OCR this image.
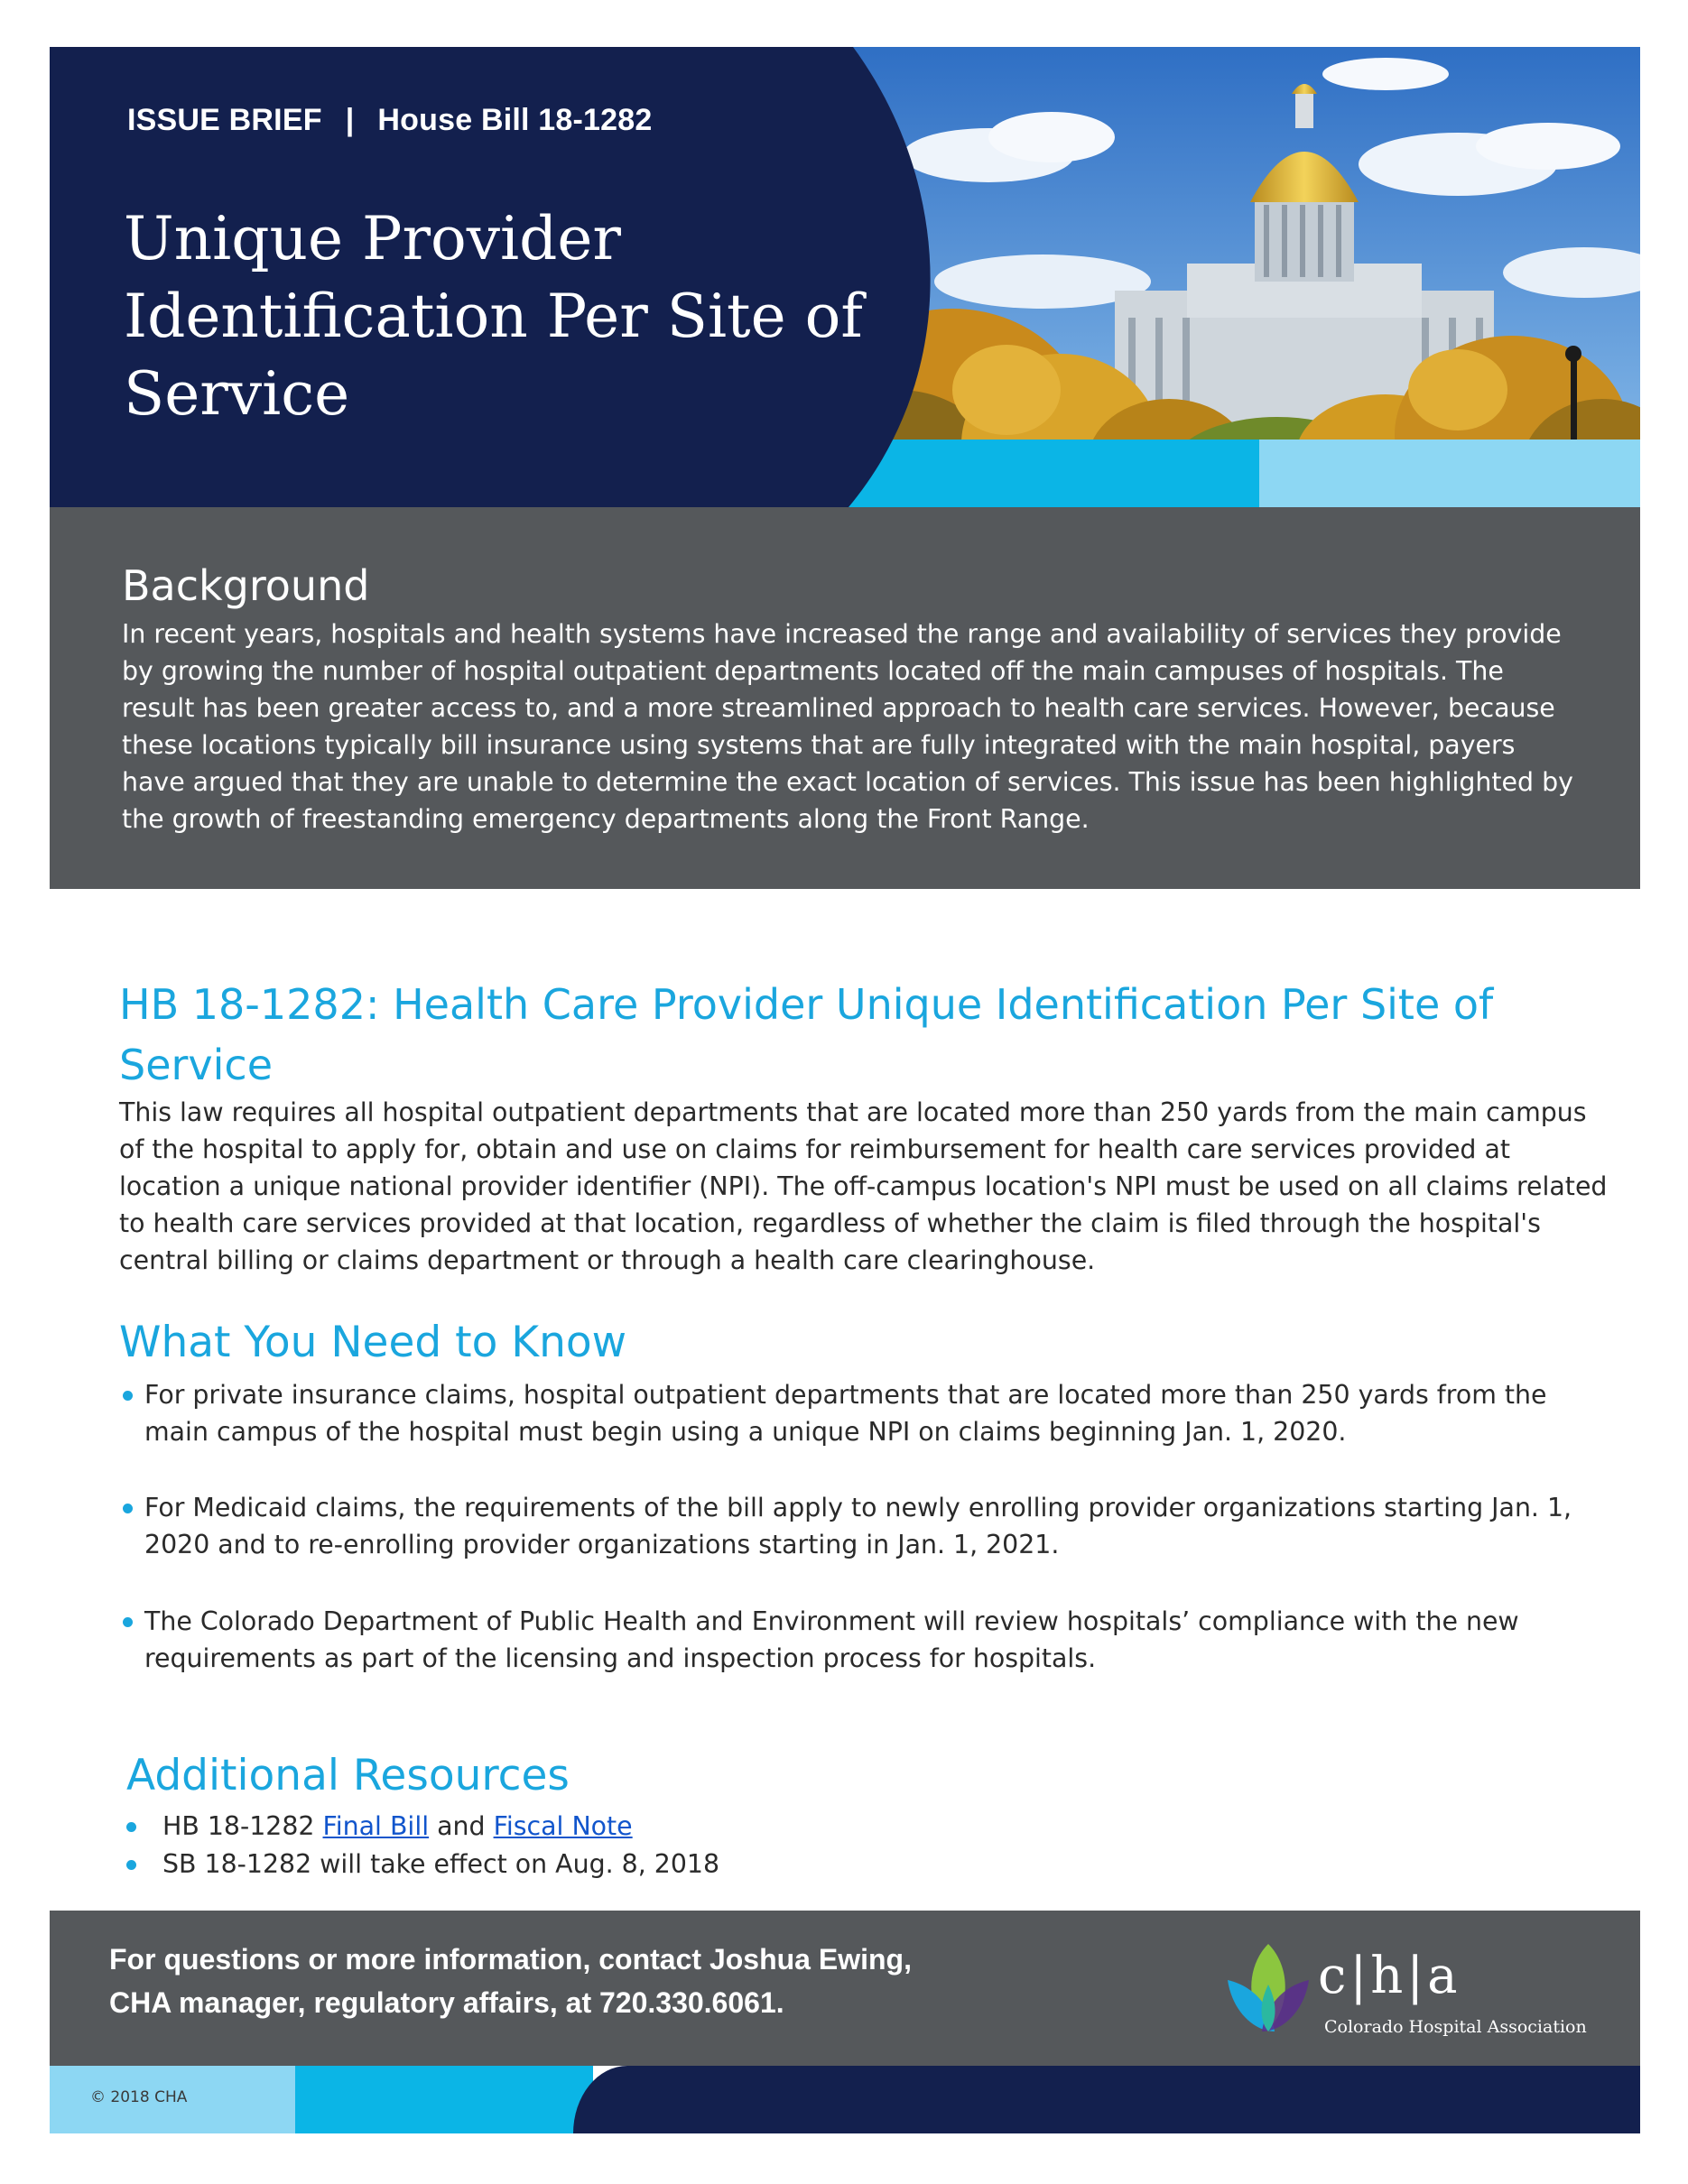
ISSUE BRIEF | House Bill 18-1282
Unique Provider Identification Per Site of Service
Background

In recent years, hospitals and health systems have increased the range and availability of services they provide by growing the number of hospital outpatient departments located off the main campuses of hospitals. The result has been greater access to, and a more streamlined approach to health care services. However, because these locations typically bill insurance using systems that are fully integrated with the main hospital, payers have argued that they are unable to determine the exact location of services. This issue has been highlighted by the growth of freestanding emergency departments along the Front Range.

HB 18-1282: Health Care Provider Unique Identification Per Site of Service

This law requires all hospital outpatient departments that are located more than 250 yards from the main campus of the hospital to apply for, obtain and use on claims for reimbursement for health care services provided at location a unique national provider identifier (NPI). The off-campus location's NPI must be used on all claims related to health care services provided at that location, regardless of whether the claim is filed through the hospital's central billing or claims department or through a health care clearinghouse.

What You Need to Know
For private insurance claims, hospital outpatient departments that are located more than 250 yards from the main campus of the hospital must begin using a unique NPI on claims beginning Jan. 1, 2020.
For Medicaid claims, the requirements of the bill apply to newly enrolling provider organizations starting Jan. 1, 2020 and to re-enrolling provider organizations starting in Jan. 1, 2021.
The Colorado Department of Public Health and Environment will review hospitals’ compliance with the new requirements as part of the licensing and inspection process for hospitals.
Additional Resources
HB 18-1282 Final Bill and Fiscal Note
SB 18-1282 will take effect on Aug. 8, 2018

For questions or more information, contact Joshua Ewing,
CHA manager, regulatory affairs, at 720.330.6061.	c|h|a
Colorado Hospital Association
© 2018 CHA
